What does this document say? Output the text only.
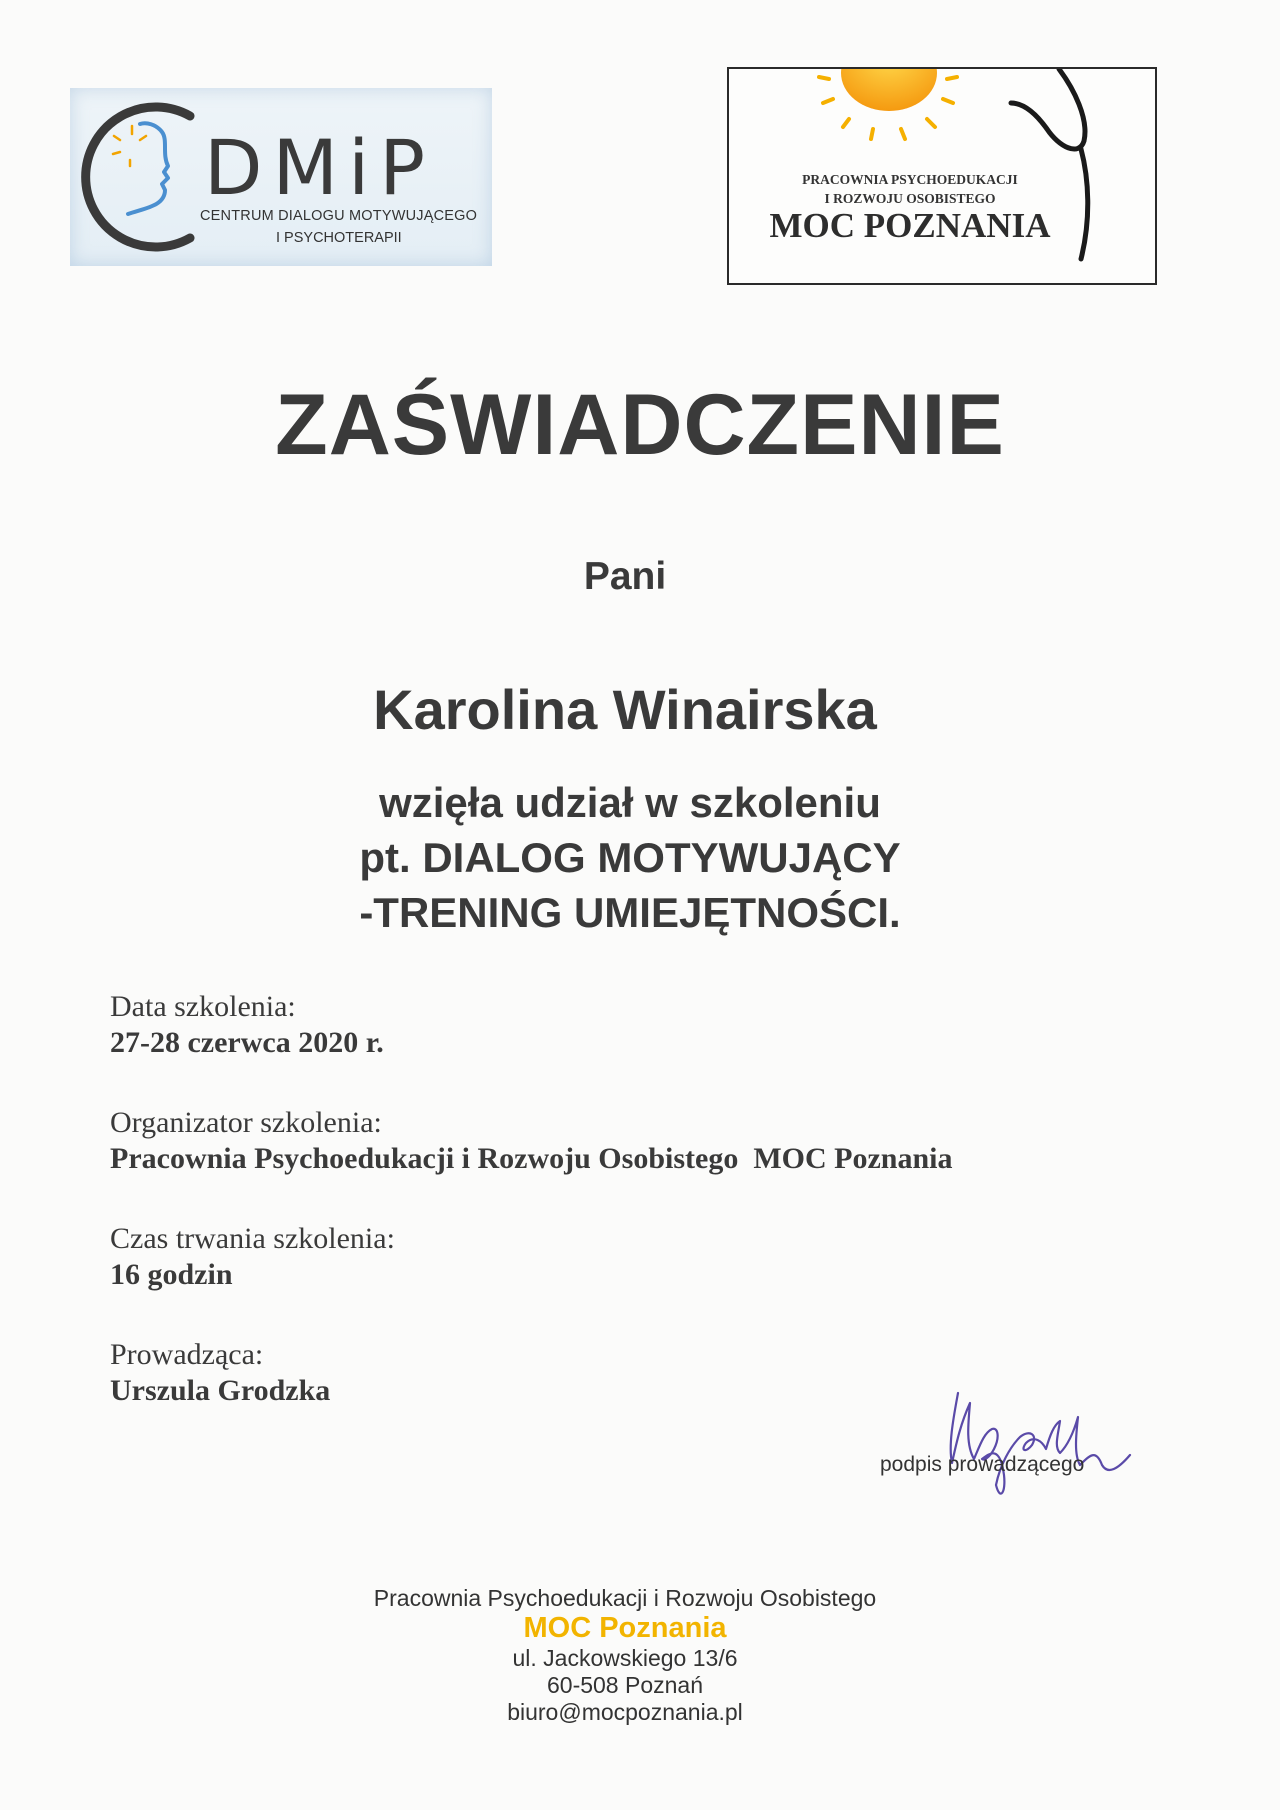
DMiP
CENTRUM DIALOGU MOTYWUJĄCEGO
I PSYCHOTERAPII
PRACOWNIA PSYCHOEDUKACJI
I ROZWOJU OSOBISTEGO
MOC POZNANIA
ZAŚWIADCZENIE
Pani
Karolina Winairska
wzięła udział w szkoleniu
pt. DIALOG MOTYWUJĄCY
-TRENING UMIEJĘTNOŚCI.
Data szkolenia:
27-28 czerwca 2020 r.
Organizator szkolenia:
Pracownia Psychoedukacji i Rozwoju Osobistego  MOC Poznania
Czas trwania szkolenia:
16 godzin
Prowadząca:
Urszula Grodzka
podpis prowadzącego
Pracownia Psychoedukacji i Rozwoju Osobistego
MOC Poznania
ul. Jackowskiego 13/6
60-508 Poznań
biuro@mocpoznania.pl
